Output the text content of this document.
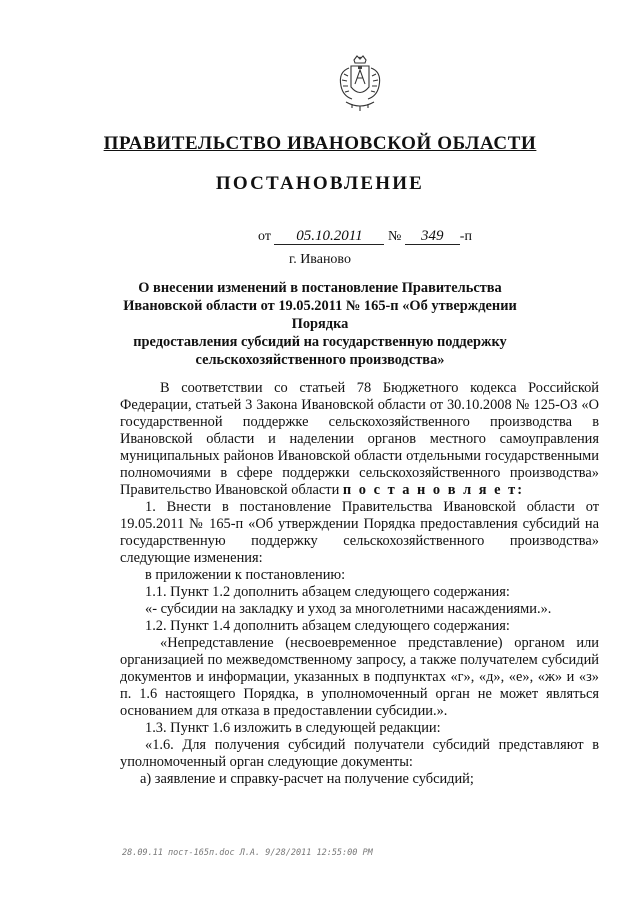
ПРАВИТЕЛЬСТВО ИВАНОВСКОЙ ОБЛАСТИ
ПОСТАНОВЛЕНИЕ
от 05.10.2011 № 349 -п
г. Иваново
О внесении изменений в постановление Правительства
Ивановской области от 19.05.2011 № 165-п «Об утверждении Порядка
предоставления субсидий на государственную поддержку
сельскохозяйственного производства»

В соответствии со статьей 78 Бюджетного кодекса Российской Федерации, статьей 3 Закона Ивановской области от 30.10.2008 № 125-ОЗ «О государственной поддержке сельскохозяйственного производства в Ивановской области и наделении органов местного самоуправления муниципальных районов Ивановской области отдельными государственными полномочиями в сфере поддержки сельскохозяйственного производства» Правительство Ивановской области п о с т а н о в л я е т:

1. Внести в постановление Правительства Ивановской области от 19.05.2011 № 165-п «Об утверждении Порядка предоставления субсидий на государственную поддержку сельскохозяйственного производства» следующие изменения:

в приложении к постановлению:

1.1. Пункт 1.2 дополнить абзацем следующего содержания:

«- субсидии на закладку и уход за многолетними насаждениями.».

1.2. Пункт 1.4 дополнить абзацем следующего содержания:

«Непредставление (несвоевременное представление) органом или организацией по межведомственному запросу, а также получателем субсидий документов и информации, указанных в подпунктах «г», «д», «е», «ж» и «з» п. 1.6 настоящего Порядка, в уполномоченный орган не может являться основанием для отказа в предоставлении субсидии.».

1.3. Пункт 1.6 изложить в следующей редакции:

«1.6. Для получения субсидий получатели субсидий представляют в уполномоченный орган следующие документы:

а) заявление и справку-расчет на получение субсидий;

28.09.11 пост-165п.doc Л.А. 9/28/2011 12:55:00 PM
